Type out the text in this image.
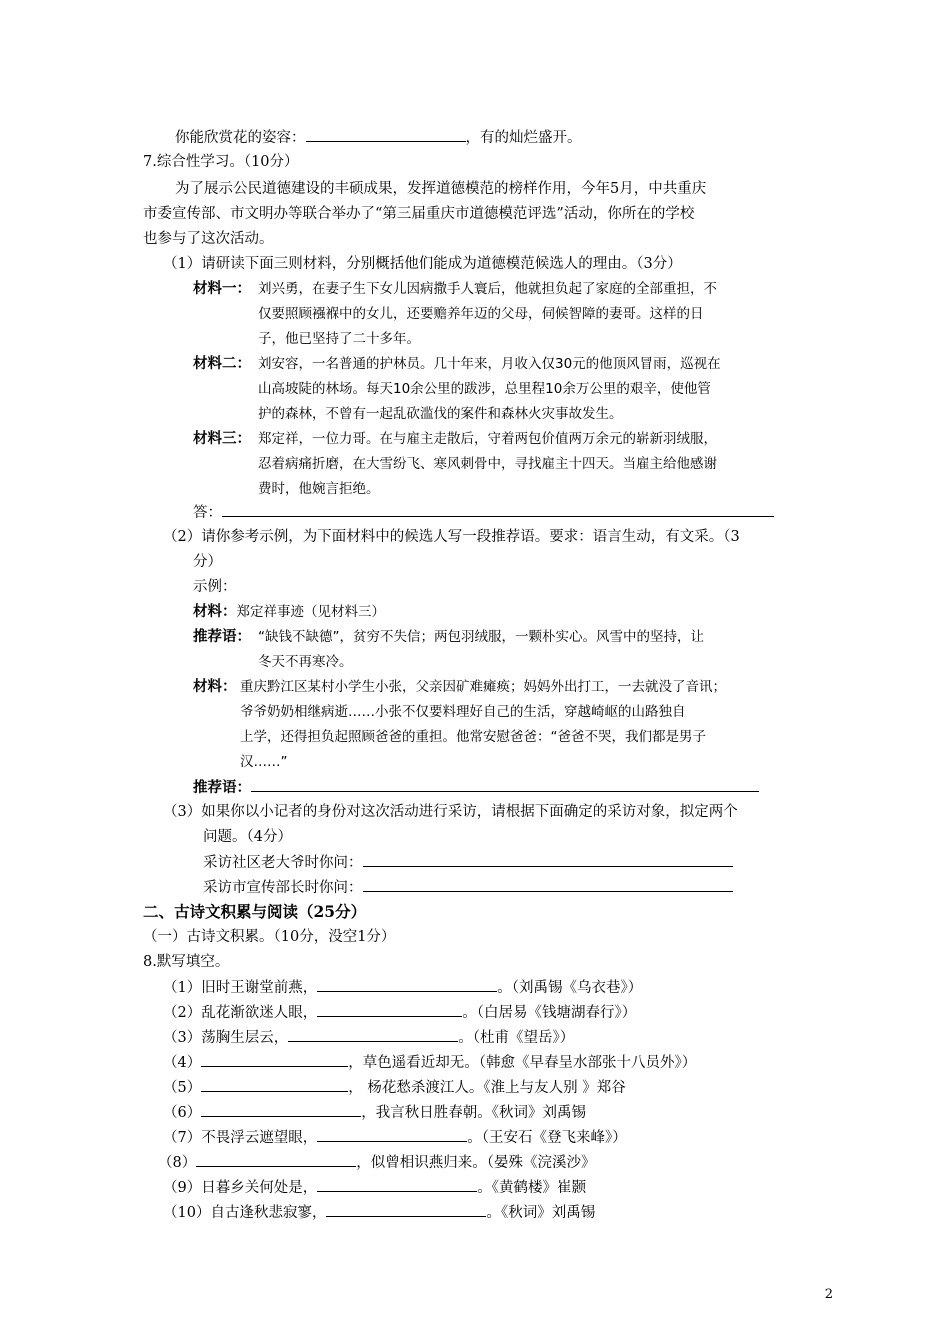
你能欣赏花的姿容：	，有的灿烂盛开。
7.综合性学习。（10分）
为了展示公民道德建设的丰硕成果，发挥道德模范的榜样作用，今年5月，中共重庆
市委宣传部、市文明办等联合举办了“第三届重庆市道德模范评选”活动，你所在的学校
也参与了这次活动。
（1）请研读下面三则材料，分别概括他们能成为道德模范候选人的理由。（3分）
材料一： 刘兴勇，在妻子生下女儿因病撒手人寰后，他就担负起了家庭的全部重担，不
仅要照顾襁褓中的女儿，还要赡养年迈的父母，伺候智障的妻哥。这样的日
子，他已坚持了二十多年。
材料二： 刘安容，一名普通的护林员。几十年来，月收入仅30元的他顶风冒雨，巡视在
山高坡陡的林场。每天10余公里的跋涉，总里程10余万公里的艰辛，使他管
护的森林，不曾有一起乱砍滥伐的案件和森林火灾事故发生。
材料三： 郑定祥，一位力哥。在与雇主走散后，守着两包价值两万余元的崭新羽绒服，
忍着病痛折磨，在大雪纷飞、寒风刺骨中，寻找雇主十四天。当雇主给他感谢
费时，他婉言拒绝。
答：
（2）请你参考示例，为下面材料中的候选人写一段推荐语。要求：语言生动，有文采。（3
分）
示例：
材料：郑定祥事迹（见材料三）
推荐语： “缺钱不缺德”，贫穷不失信；两包羽绒服，一颗朴实心。风雪中的坚持，让
冬天不再寒冷。
材料： 重庆黔江区某村小学生小张，父亲因矿难瘫痪；妈妈外出打工，一去就没了音讯；
爷爷奶奶相继病逝……小张不仅要料理好自己的生活，穿越崎岖的山路独自
上学，还得担负起照顾爸爸的重担。他常安慰爸爸：“爸爸不哭，我们都是男子
汉……”
推荐语：
（3）如果你以小记者的身份对这次活动进行采访，请根据下面确定的采访对象，拟定两个
问题。（4分）
采访社区老大爷时你问：
采访市宣传部长时你问：
二、古诗文积累与阅读（25分）
（一）古诗文积累。（10分，没空1分）
8.默写填空。
（1）旧时王谢堂前燕，	。（刘禹锡《乌衣巷》）
（2）乱花渐欲迷人眼，	。（白居易《钱塘湖春行》）
（3）荡胸生层云，	。（杜甫《望岳》）
（4）	，草色遥看近却无。（韩愈《早春呈水部张十八员外》）
（5）	， 杨花愁杀渡江人。《淮上与友人别 》郑谷
（6）	，我言秋日胜春朝。《秋词》刘禹锡
（7）不畏浮云遮望眼，	。（王安石《登飞来峰》）
（8）	，似曾相识燕归来。（晏殊《浣溪沙》
（9）日暮乡关何处是，	。《黄鹤楼》崔颢
（10）自古逢秋悲寂寥，	。《秋词》刘禹锡
2
